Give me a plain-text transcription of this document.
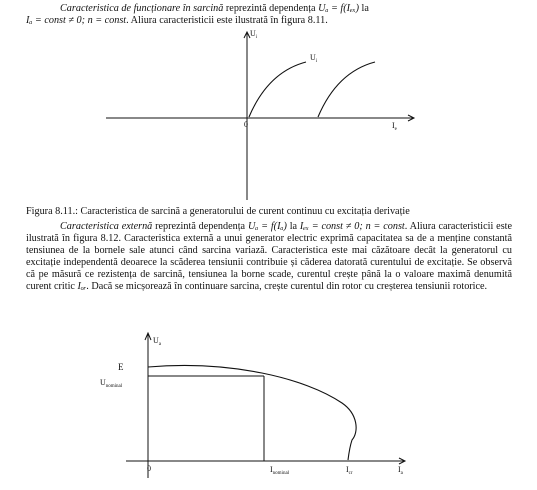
Caracteristica de funcționare în sarcină reprezintă dependența Uₐ = f(Iₑₓ) la
Iₐ = const ≠ 0; n = const. Aliura caracteristicii este ilustrată în figura 8.11.
$U_i$
$U_i$
0	$I_e$
$U_a$
E
$U_{nominal}$
0	$I_{nominal}$	$I_{cr}$	$I_a$
Figura 8.11.: Caracteristica de sarcină a generatorului de curent continuu cu excitația derivație
Caracteristica externă reprezintă dependența Uₐ = f(Iₐ) la Iₑₓ = const ≠ 0; n = const. Aliura caracteristicii este ilustrată în figura 8.12. Caracteristica externă a unui generator electric exprimă capacitatea sa de a menține constantă tensiunea de la bornele sale atunci când sarcina variază. Caracteristica este mai căzătoare decât la generatorul cu excitație independentă deoarece la scăderea tensiunii contribuie și căderea datorată curentului de excitație. Se observă că pe măsură ce rezistența de sarcină, tensiunea la borne scade, curentul crește până la o valoare maximă denumită curent critic Iₒᵣ. Dacă se micșorează în continuare sarcina, crește curentul din rotor cu creșterea tensiunii rotorice.
